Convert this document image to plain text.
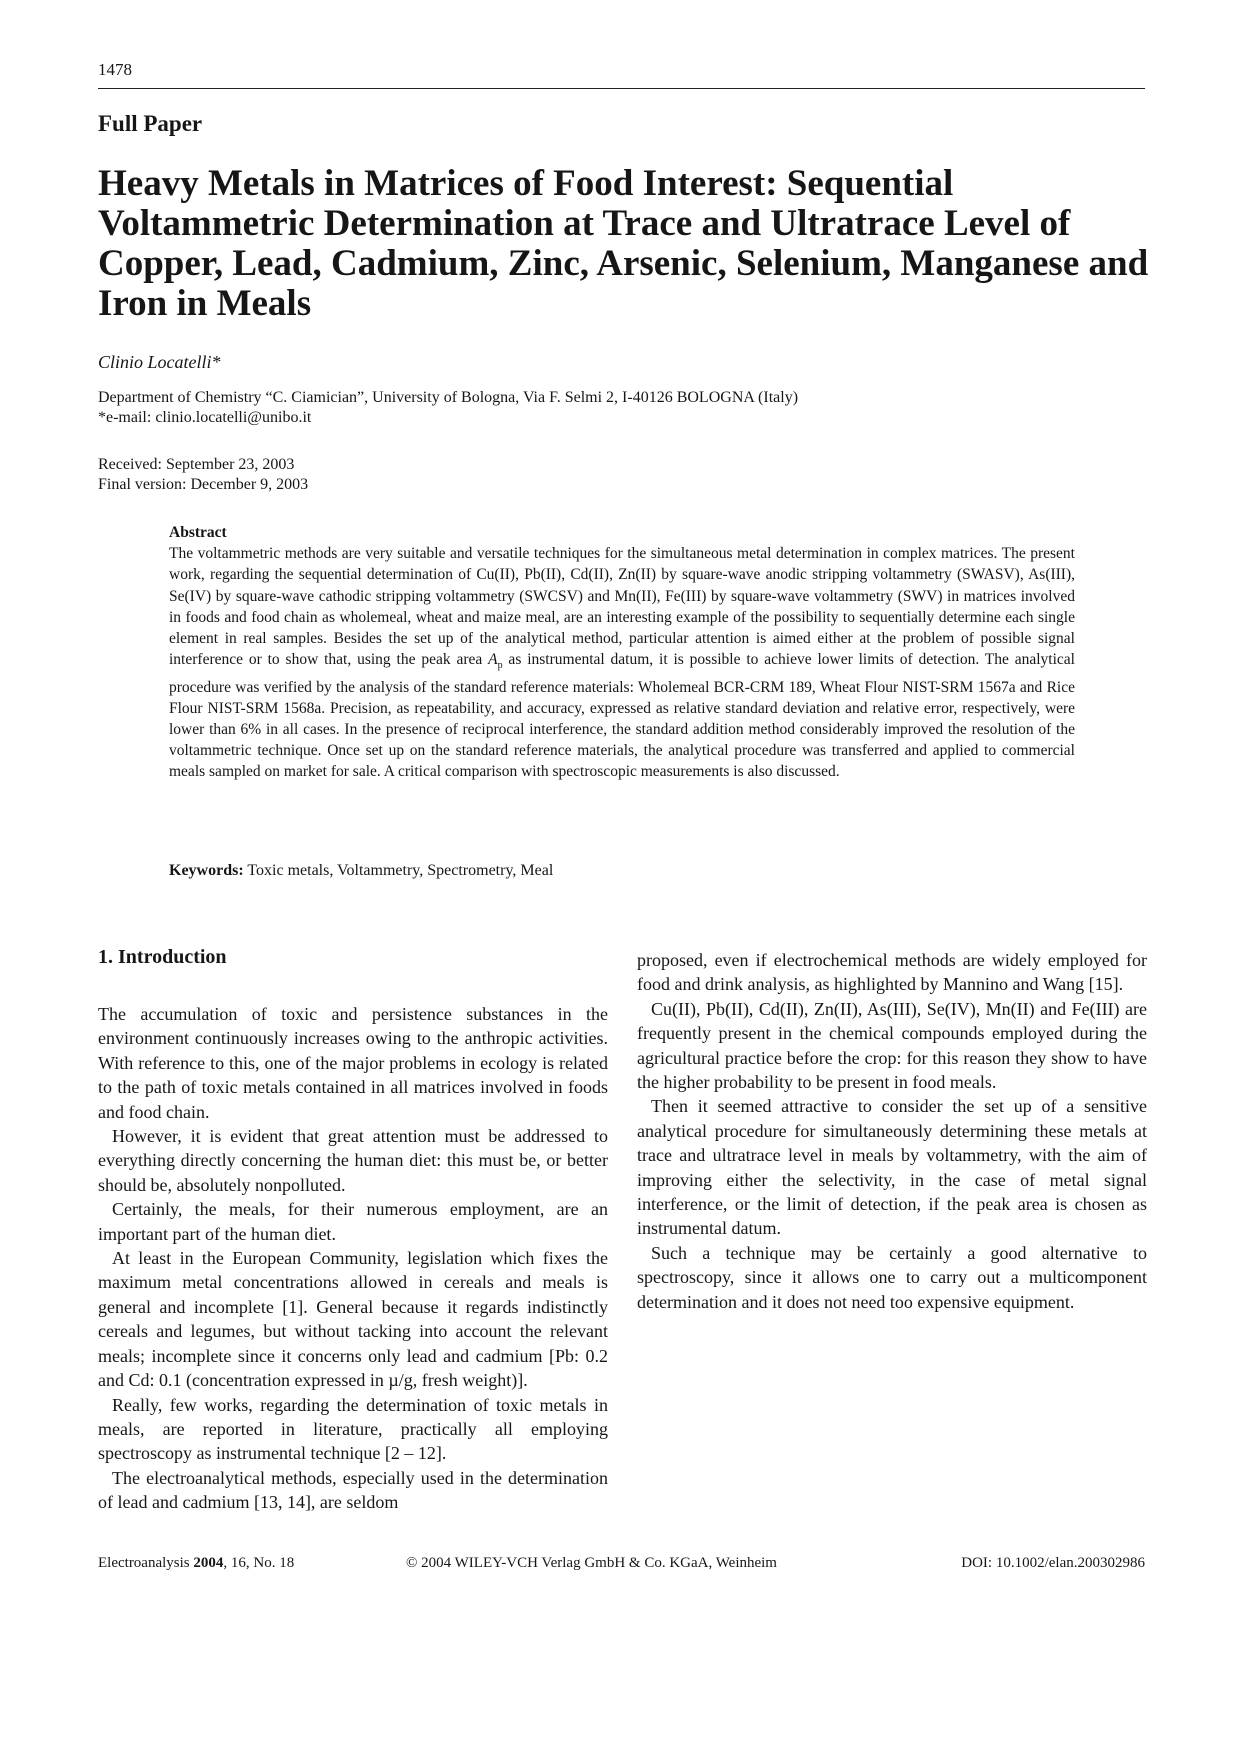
1478
Full Paper
Heavy Metals in Matrices of Food Interest: Sequential Voltammetric Determination at Trace and Ultratrace Level of Copper, Lead, Cadmium, Zinc, Arsenic, Selenium, Manganese and Iron in Meals
Clinio Locatelli*
Department of Chemistry “C. Ciamician”, University of Bologna, Via F. Selmi 2, I-40126 BOLOGNA (Italy)
*e-mail: clinio.locatelli@unibo.it
Received: September 23, 2003
Final version: December 9, 2003
Abstract

The voltammetric methods are very suitable and versatile techniques for the simultaneous metal determination in complex matrices. The present work, regarding the sequential determination of Cu(II), Pb(II), Cd(II), Zn(II) by square-wave anodic stripping voltammetry (SWASV), As(III), Se(IV) by square-wave cathodic stripping voltammetry (SWCSV) and Mn(II), Fe(III) by square-wave voltammetry (SWV) in matrices involved in foods and food chain as wholemeal, wheat and maize meal, are an interesting example of the possibility to sequentially determine each single element in real samples. Besides the set up of the analytical method, particular attention is aimed either at the problem of possible signal interference or to show that, using the peak area $A_p$ as instrumental datum, it is possible to achieve lower limits of detection. The analytical procedure was verified by the analysis of the standard reference materials: Wholemeal BCR-CRM 189, Wheat Flour NIST-SRM 1567a and Rice Flour NIST-SRM 1568a. Precision, as repeatability, and accuracy, expressed as relative standard deviation and relative error, respectively, were lower than 6% in all cases. In the presence of reciprocal interference, the standard addition method considerably improved the resolution of the voltammetric technique. Once set up on the standard reference materials, the analytical procedure was transferred and applied to commercial meals sampled on market for sale. A critical comparison with spectroscopic measurements is also discussed.

Keywords: Toxic metals, Voltammetry, Spectrometry, Meal
1. Introduction

The accumulation of toxic and persistence substances in the environment continuously increases owing to the anthropic activities. With reference to this, one of the major problems in ecology is related to the path of toxic metals contained in all matrices involved in foods and food chain.

However, it is evident that great attention must be addressed to everything directly concerning the human diet: this must be, or better should be, absolutely nonpolluted.

Certainly, the meals, for their numerous employment, are an important part of the human diet.

At least in the European Community, legislation which fixes the maximum metal concentrations allowed in cereals and meals is general and incomplete [1]. General because it regards indistinctly cereals and legumes, but without tacking into account the relevant meals; incomplete since it concerns only lead and cadmium [Pb: 0.2 and Cd: 0.1 (concentration expressed in µ/g, fresh weight)].

Really, few works, regarding the determination of toxic metals in meals, are reported in literature, practically all employing spectroscopy as instrumental technique [2 – 12].

The electroanalytical methods, especially used in the determination of lead and cadmium [13, 14], are seldom

proposed, even if electrochemical methods are widely employed for food and drink analysis, as highlighted by Mannino and Wang [15].

Cu(II), Pb(II), Cd(II), Zn(II), As(III), Se(IV), Mn(II) and Fe(III) are frequently present in the chemical compounds employed during the agricultural practice before the crop: for this reason they show to have the higher probability to be present in food meals.

Then it seemed attractive to consider the set up of a sensitive analytical procedure for simultaneously determining these metals at trace and ultratrace level in meals by voltammetry, with the aim of improving either the selectivity, in the case of metal signal interference, or the limit of detection, if the peak area is chosen as instrumental datum.

Such a technique may be certainly a good alternative to spectroscopy, since it allows one to carry out a multicomponent determination and it does not need too expensive equipment.

Electroanalysis 2004, 16, No. 18	© 2004 WILEY-VCH Verlag GmbH & Co. KGaA, Weinheim	DOI: 10.1002/elan.200302986
